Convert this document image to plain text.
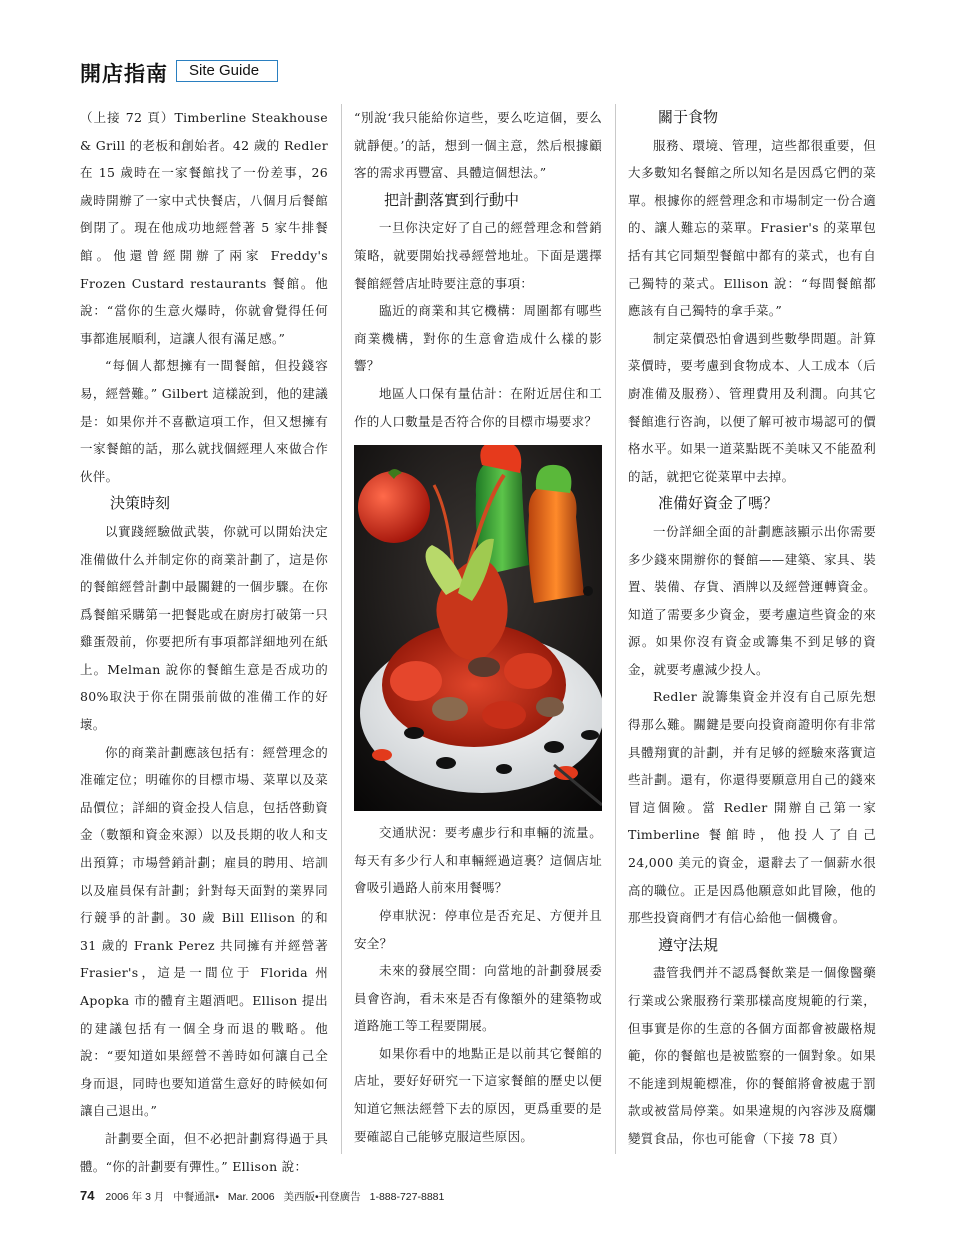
開店指南	Site Guide

（上接 72 頁）Timberline Steakhouse & Grill 的老板和創始者。42 歲的 Redler 在 15 歲時在一家餐館找了一份差事，26 歲時開辦了一家中式快餐店，八個月后餐館倒閉了。現在他成功地經營著 5 家牛排餐館。他還曾經開辦了兩家 Freddy's Frozen Custard restaurants 餐館。他說：“當你的生意火爆時，你就會覺得任何事都進展順利，這讓人很有滿足感。”

“每個人都想擁有一間餐館，但投錢容易，經營難。” Gilbert 這樣說到，他的建議是：如果你并不喜歡這項工作，但又想擁有一家餐館的話，那么就找個經理人來做合作伙伴。

決策時刻

以實踐經驗做武裝，你就可以開始決定准備做什么并制定你的商業計劃了，這是你的餐館經營計劃中最關鍵的一個步驟。在你爲餐館采購第一把餐匙或在廚房打破第一只雞蛋殼前，你要把所有事項都詳細地列在紙上。Melman 說你的餐館生意是否成功的 80%取決于你在開張前做的准備工作的好壞。

你的商業計劃應該包括有：經營理念的准確定位；明確你的目標市場、菜單以及菜品價位；詳細的資金投人信息，包括啓動資金（數額和資金來源）以及長期的收人和支出預算；市場營銷計劃；雇員的聘用、培訓以及雇員保有計劃；針對每天面對的業界同行競爭的計劃。30 歲 Bill Ellison 的和 31 歲的 Frank Perez 共同擁有并經營著 Frasier's，這是一間位于 Florida 州 Apopka 市的體育主題酒吧。Ellison 提出的建議包括有一個全身而退的戰略。他說：“要知道如果經營不善時如何讓自己全身而退，同時也要知道當生意好的時候如何讓自己退出。”

計劃要全面，但不必把計劃寫得過于具體。“你的計劃要有彈性。” Ellison 說：

“別說‘我只能給你這些，要么吃這個，要么就靜便。’的話，想到一個主意，然后根據顧客的需求再豐富、具體這個想法。”

把計劃落實到行動中

一旦你決定好了自己的經營理念和營銷策略，就要開始找尋經營地址。下面是選擇餐館經營店址時要注意的事項：

臨近的商業和其它機構：周圍都有哪些商業機構，對你的生意會造成什么樣的影響？

地區人口保有量估計：在附近居住和工作的人口數量是否符合你的目標市場要求？

交通狀況：要考慮步行和車輛的流量。每天有多少行人和車輛經過這裏？這個店址會吸引過路人前來用餐嗎？

停車狀況：停車位是否充足、方便并且安全？

未來的發展空間：向當地的計劃發展委員會咨詢，看未來是否有像額外的建築物或道路施工等工程要開展。

如果你看中的地點正是以前其它餐館的店址，要好好研究一下這家餐館的歷史以便知道它無法經營下去的原因，更爲重要的是要確認自己能够克服這些原因。

關于食物

服務、環境、管理，這些都很重要，但大多數知名餐館之所以知名是因爲它們的菜單。根據你的經營理念和市場制定一份合適的、讓人難忘的菜單。Frasier's 的菜單包括有其它同類型餐館中都有的菜式，也有自己獨特的菜式。Ellison 說：“每間餐館都應該有自己獨特的拿手菜。”

制定菜價恐怕會遇到些數學問題。計算菜價時，要考慮到食物成本、人工成本（后廚准備及服務）、管理費用及利潤。向其它餐館進行咨詢，以便了解可被市場認可的價格水平。如果一道菜點既不美味又不能盈利的話，就把它從菜單中去掉。

准備好資金了嗎？

一份詳細全面的計劃應該顯示出你需要多少錢來開辦你的餐館——建築、家具、裝置、裝備、存貨、酒牌以及經營運轉資金。知道了需要多少資金，要考慮這些資金的來源。如果你沒有資金或籌集不到足够的資金，就要考慮減少投人。

Redler 說籌集資金并沒有自己原先想得那么難。關鍵是要向投資商證明你有非常具體翔實的計劃，并有足够的經驗來落實這些計劃。還有，你還得要願意用自己的錢來冒這個險。當 Redler 開辦自己第一家 Timberline 餐館時，他投人了自己 24,000 美元的資金，還辭去了一個薪水很高的職位。正是因爲他願意如此冒險，他的那些投資商們才有信心給他一個機會。

遵守法規

盡管我們并不認爲餐飲業是一個像醫藥行業或公衆服務行業那樣高度規範的行業，但事實是你的生意的各個方面都會被嚴格規範，你的餐館也是被監察的一個對象。如果不能達到規範標准，你的餐館將會被處于罰款或被當局停業。如果違規的內容涉及腐爛變質食品，你也可能會（下接 78 頁）

74 2006 年 3 月 中餐通訊• Mar. 2006 美西版•刊登廣告 1-888-727-8881
